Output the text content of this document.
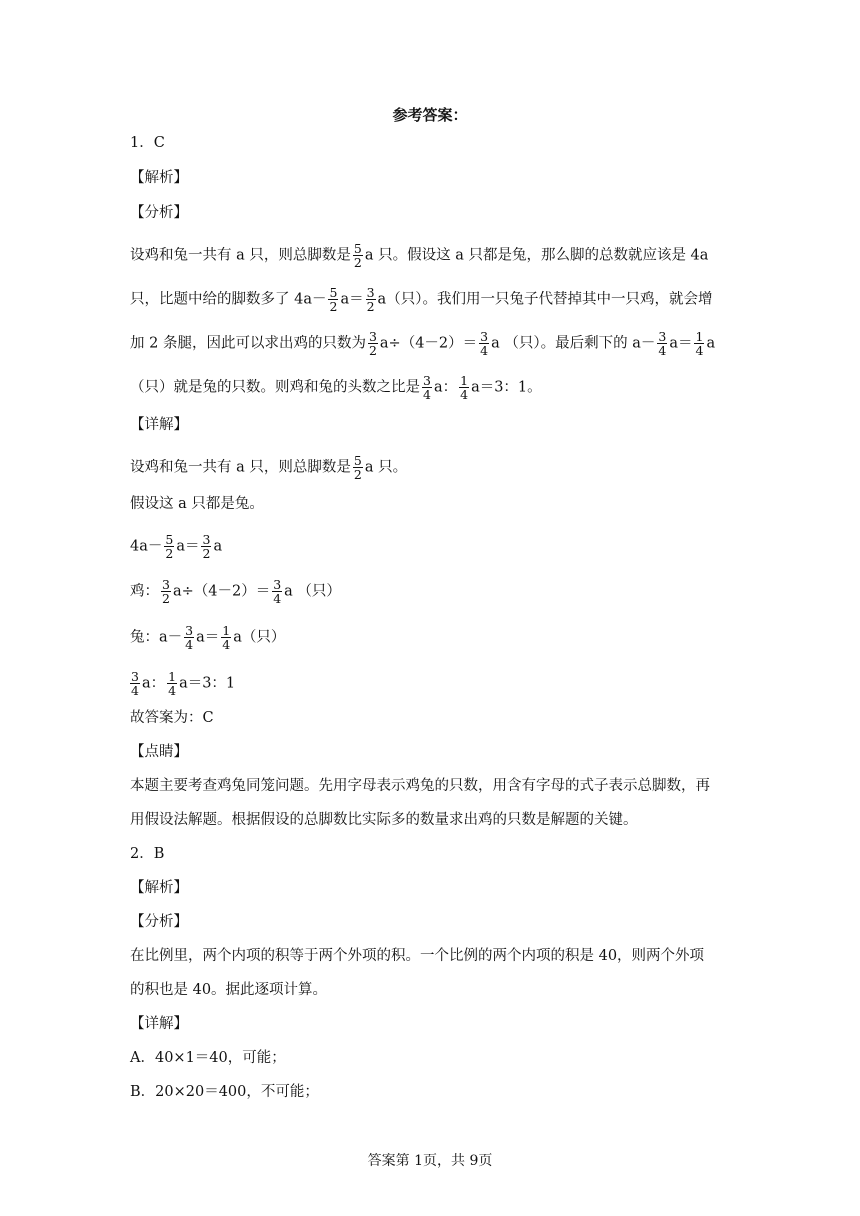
参考答案：
1．C
【解析】
【分析】
设鸡和兔一共有 a 只，则总脚数是 $\frac{5}{2}$ a 只。假设这 a 只都是兔，那么脚的总数就应该是 4a
只，比题中给的脚数多了 $4a- \frac{5}{2} a= \frac{3}{2} a$（只）。我们用一只兔子代替掉其中一只鸡，就会增
加 2 条腿，因此可以求出鸡的只数为 $\frac{3}{2} a\div(4-2)= \frac{3}{4}$ a （只）。最后剩下的 $a- \frac{3}{4} a= \frac{1}{4}$ a
（只）就是兔的只数。则鸡和兔的头数之比是 $\frac{3}{4}$ a： $\frac{1}{4} a=3$：1。
【详解】
设鸡和兔一共有 a 只，则总脚数是 $\frac{5}{2}$ a 只。
假设这 a 只都是兔。
$4a- \frac{5}{2} a= \frac{3}{2}$ a
鸡： $\frac{3}{2} a\div(4-2)= \frac{3}{4}$ a （只）
兔：$a- \frac{3}{4} a= \frac{1}{4} a$（只）
$\frac{3}{4}$ a： $\frac{1}{4} a=3$：1
故答案为：C
【点睛】
本题主要考查鸡兔同笼问题。先用字母表示鸡兔的只数，用含有字母的式子表示总脚数，再
用假设法解题。根据假设的总脚数比实际多的数量求出鸡的只数是解题的关键。
2．B
【解析】
【分析】
在比例里，两个内项的积等于两个外项的积。一个比例的两个内项的积是 40，则两个外项
的积也是 40。据此逐项计算。
【详解】
A．40×1＝40，可能；
B．20×20＝400，不可能；
答案第 1页，共 9页
